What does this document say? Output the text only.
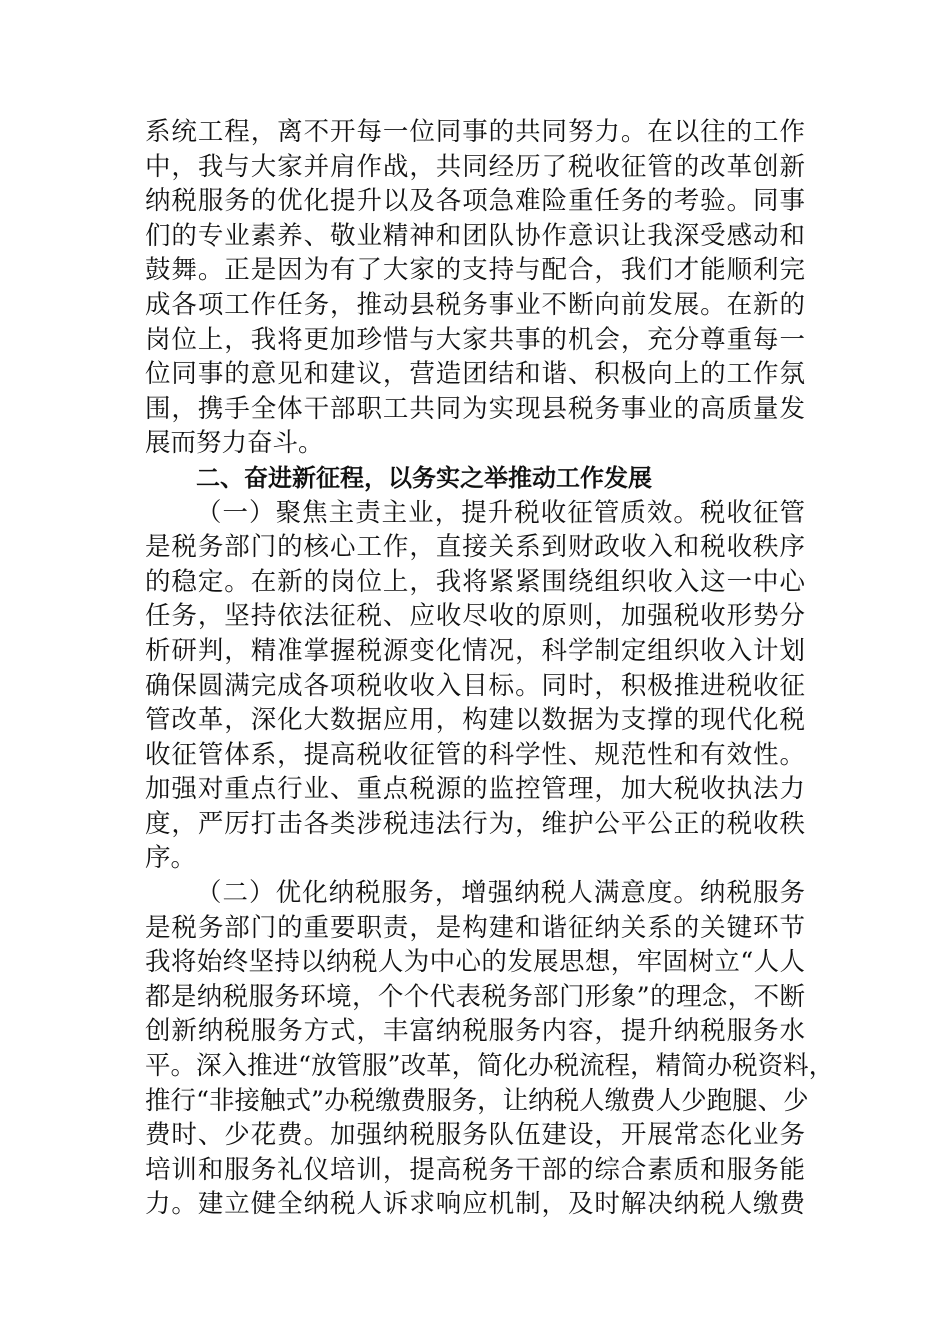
系统工程，离不开每一位同事的共同努力。在以往的工作
中，我与大家并肩作战，共同经历了税收征管的改革创新
纳税服务的优化提升以及各项急难险重任务的考验。同事
们的专业素养、敬业精神和团队协作意识让我深受感动和
鼓舞。正是因为有了大家的支持与配合，我们才能顺利完
成各项工作任务，推动县税务事业不断向前发展。在新的
岗位上，我将更加珍惜与大家共事的机会，充分尊重每一
位同事的意见和建议，营造团结和谐、积极向上的工作氛
围，携手全体干部职工共同为实现县税务事业的高质量发
展而努力奋斗。
二、奋进新征程，以务实之举推动工作发展
（一）聚焦主责主业，提升税收征管质效。税收征管
是税务部门的核心工作，直接关系到财政收入和税收秩序
的稳定。在新的岗位上，我将紧紧围绕组织收入这一中心
任务，坚持依法征税、应收尽收的原则，加强税收形势分
析研判，精准掌握税源变化情况，科学制定组织收入计划
确保圆满完成各项税收收入目标。同时，积极推进税收征
管改革，深化大数据应用，构建以数据为支撑的现代化税
收征管体系，提高税收征管的科学性、规范性和有效性。
加强对重点行业、重点税源的监控管理，加大税收执法力
度，严厉打击各类涉税违法行为，维护公平公正的税收秩
序。
（二）优化纳税服务，增强纳税人满意度。纳税服务
是税务部门的重要职责，是构建和谐征纳关系的关键环节
我将始终坚持以纳税人为中心的发展思想，牢固树立“人人
都是纳税服务环境，个个代表税务部门形象”的理念，不断
创新纳税服务方式，丰富纳税服务内容，提升纳税服务水
平。深入推进“放管服”改革，简化办税流程，精简办税资料，
推行“非接触式”办税缴费服务，让纳税人缴费人少跑腿、少
费时、少花费。加强纳税服务队伍建设，开展常态化业务
培训和服务礼仪培训，提高税务干部的综合素质和服务能
力。建立健全纳税人诉求响应机制，及时解决纳税人缴费
